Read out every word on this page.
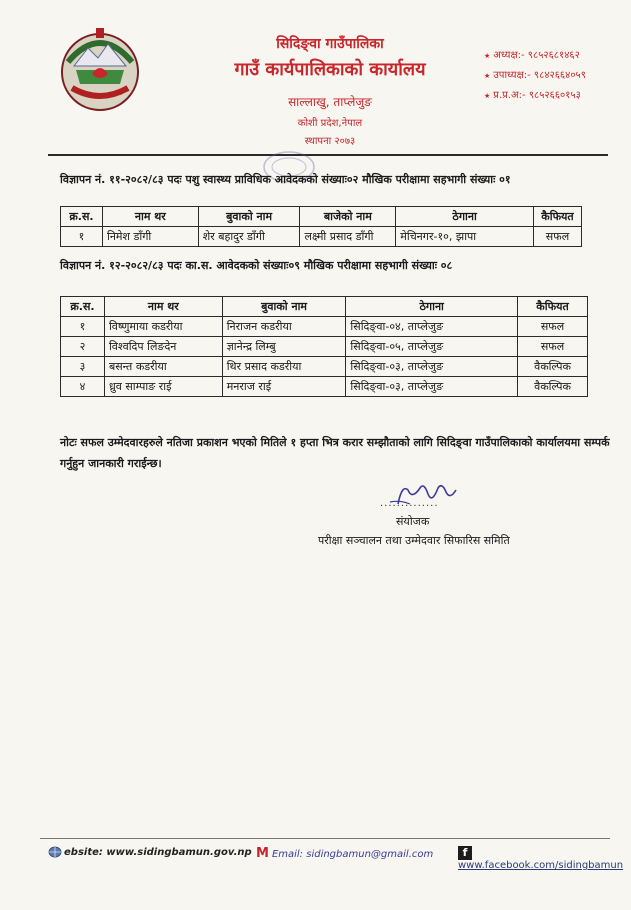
सिदिङ्वा गाउँपालिका
गाउँ कार्यपालिकाको कार्यालय
साल्लाखु, ताप्लेजुङ
कोशी प्रदेश,नेपाल
स्थापना २०७३
★ अध्यक्ष:- ९८५२६८१४६२
★ उपाध्यक्ष:- ९८४२६६४०५९
★ प्र.प्र.अ:- ९८५२६६०१५३
विज्ञापन नं. ११-२०८२/८३ पदः पशु स्वास्थ्य प्राविधिक आवेदकको संख्याः०२ मौखिक परीक्षामा सहभागी संख्याः ०१
क्र.स.	नाम थर	बुवाको नाम	बाजेको नाम	ठेगाना	कैफियत
१	निमेश डाँगी	शेर बहादुर डाँगी	लक्ष्मी प्रसाद डाँगी	मेचिनगर-१०, झापा	सफल
विज्ञापन नं. १२-२०८२/८३ पदः का.स. आवेदकको संख्याः०९ मौखिक परीक्षामा सहभागी संख्याः ०८
क्र.स.	नाम थर	बुवाको नाम	ठेगाना	कैफियत
१	विष्णुमाया कडरीया	निराजन कडरीया	सिदिङ्वा-०४, ताप्लेजुङ	सफल
२	विश्वदिप लिङदेन	ज्ञानेन्द्र लिम्बु	सिदिङ्वा-०५, ताप्लेजुङ	सफल
३	बसन्त कडरीया	थिर प्रसाद कडरीया	सिदिङ्वा-०३, ताप्लेजुङ	वैकल्पिक
४	ध्रुव साम्पाङ राई	मनराज राई	सिदिङ्वा-०३, ताप्लेजुङ	वैकल्पिक
नोटः सफल उम्मेदवारहरुले नतिजा प्रकाशन भएको मितिले १ हप्ता भित्र करार सम्झौताको लागि सिदिङ्वा गाउँपालिकाको कार्यालयमा सम्पर्क गर्नुहुन जानकारी गराईन्छ।
..............
संयोजक
परीक्षा सञ्चालन तथा उम्मेदवार सिफारिस समिति
ebsite: www.sidingbamun.gov.np M Email: sidingbamun@gmail.com	fwww.facebook.com/sidingbamun
